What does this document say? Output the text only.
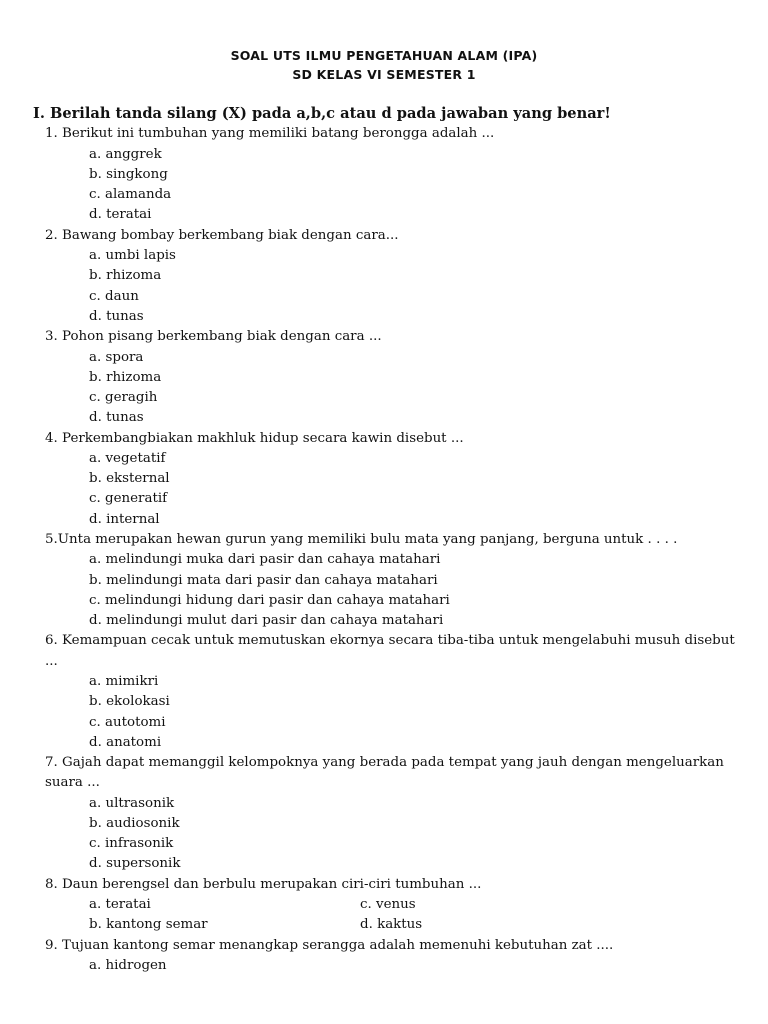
SOAL UTS ILMU PENGETAHUAN ALAM (IPA)
SD KELAS VI SEMESTER 1
I. Berilah tanda silang (X) pada a,b,c atau d pada jawaban yang benar!
1. Berikut ini tumbuhan yang memiliki batang berongga adalah ...
a. anggrek
b. singkong
c. alamanda
d. teratai
2. Bawang bombay berkembang biak dengan cara...
a. umbi lapis
b. rhizoma
c. daun
d. tunas
3. Pohon pisang berkembang biak dengan cara ...
a. spora
b. rhizoma
c. geragih
d. tunas
4. Perkembangbiakan makhluk hidup secara kawin disebut ...
a. vegetatif
b. eksternal
c. generatif
d. internal
5.Unta merupakan hewan gurun yang memiliki bulu mata yang panjang, berguna untuk . . . .
a. melindungi muka dari pasir dan cahaya matahari
b. melindungi mata dari pasir dan cahaya matahari
c. melindungi hidung dari pasir dan cahaya matahari
d. melindungi mulut dari pasir dan cahaya matahari
6. Kemampuan cecak untuk memutuskan ekornya secara tiba-tiba untuk mengelabuhi musuh disebut
...
a. mimikri
b. ekolokasi
c. autotomi
d. anatomi
7. Gajah dapat memanggil kelompoknya yang berada pada tempat yang jauh dengan mengeluarkan
suara ...
a. ultrasonik
b. audiosonik
c. infrasonik
d. supersonik
8. Daun berengsel dan berbulu merupakan ciri-ciri tumbuhan ...
a. teratai	c. venus
b. kantong semar	d. kaktus
9. Tujuan kantong semar menangkap serangga adalah memenuhi kebutuhan zat ....
a. hidrogen
